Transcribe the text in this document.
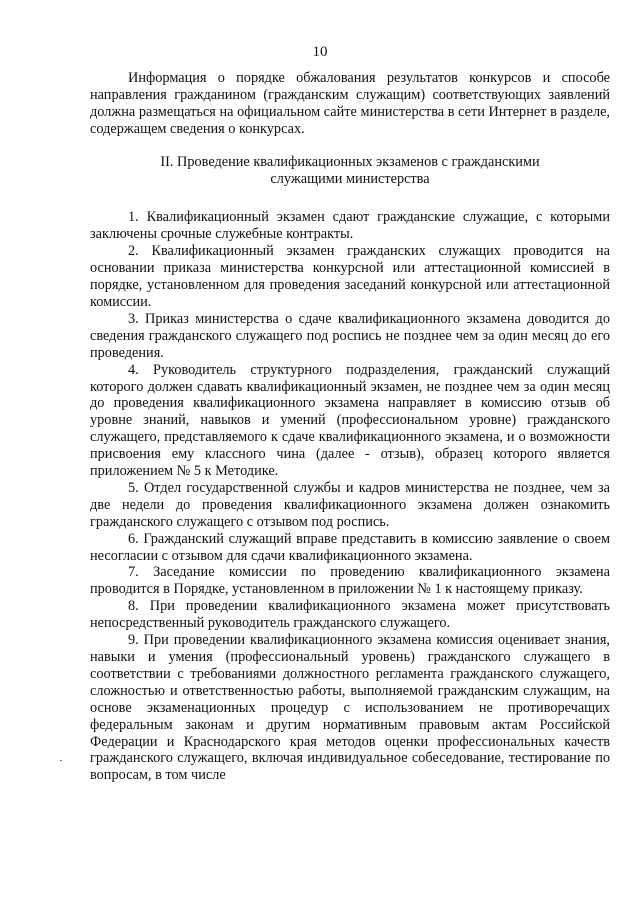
10

Информация о порядке обжалования результатов конкурсов и способе направления гражданином (гражданским служащим) соответствующих заявлений должна размещаться на официальном сайте министерства в сети Интернет в разделе, содержащем сведения о конкурсах.

II. Проведение квалификационных экзаменов с гражданскими служащими министерства

1. Квалификационный экзамен сдают гражданские служащие, с которыми заключены срочные служебные контракты.

2. Квалификационный экзамен гражданских служащих проводится на основании приказа министерства конкурсной или аттестационной комиссией в порядке, установленном для проведения заседаний конкурсной или аттестационной комиссии.

3. Приказ министерства о сдаче квалификационного экзамена доводится до сведения гражданского служащего под роспись не позднее чем за один месяц до его проведения.

4. Руководитель структурного подразделения, гражданский служащий которого должен сдавать квалификационный экзамен, не позднее чем за один месяц до проведения квалификационного экзамена направляет в комиссию отзыв об уровне знаний, навыков и умений (профессиональном уровне) гражданского служащего, представляемого к сдаче квалификационного экзамена, и о возможности присвоения ему классного чина (далее - отзыв), образец которого является приложением № 5 к Методике.

5. Отдел государственной службы и кадров министерства не позднее, чем за две недели до проведения квалификационного экзамена должен ознакомить гражданского служащего с отзывом под роспись.

6. Гражданский служащий вправе представить в комиссию заявление о своем несогласии с отзывом для сдачи квалификационного экзамена.

7. Заседание комиссии по проведению квалификационного экзамена проводится в Порядке, установленном в приложении № 1 к настоящему приказу.

8. При проведении квалификационного экзамена может присутствовать непосредственный руководитель гражданского служащего.

9. При проведении квалификационного экзамена комиссия оценивает знания, навыки и умения (профессиональный уровень) гражданского служащего в соответствии с требованиями должностного регламента гражданского служащего, сложностью и ответственностью работы, выполняемой гражданским служащим, на основе экзаменационных процедур с использованием не противоречащих федеральным законам и другим нормативным правовым актам Российской Федерации и Краснодарского края методов оценки профессиональных качеств гражданского служащего, включая индивидуальное собеседование, тестирование по вопросам, в том числе
